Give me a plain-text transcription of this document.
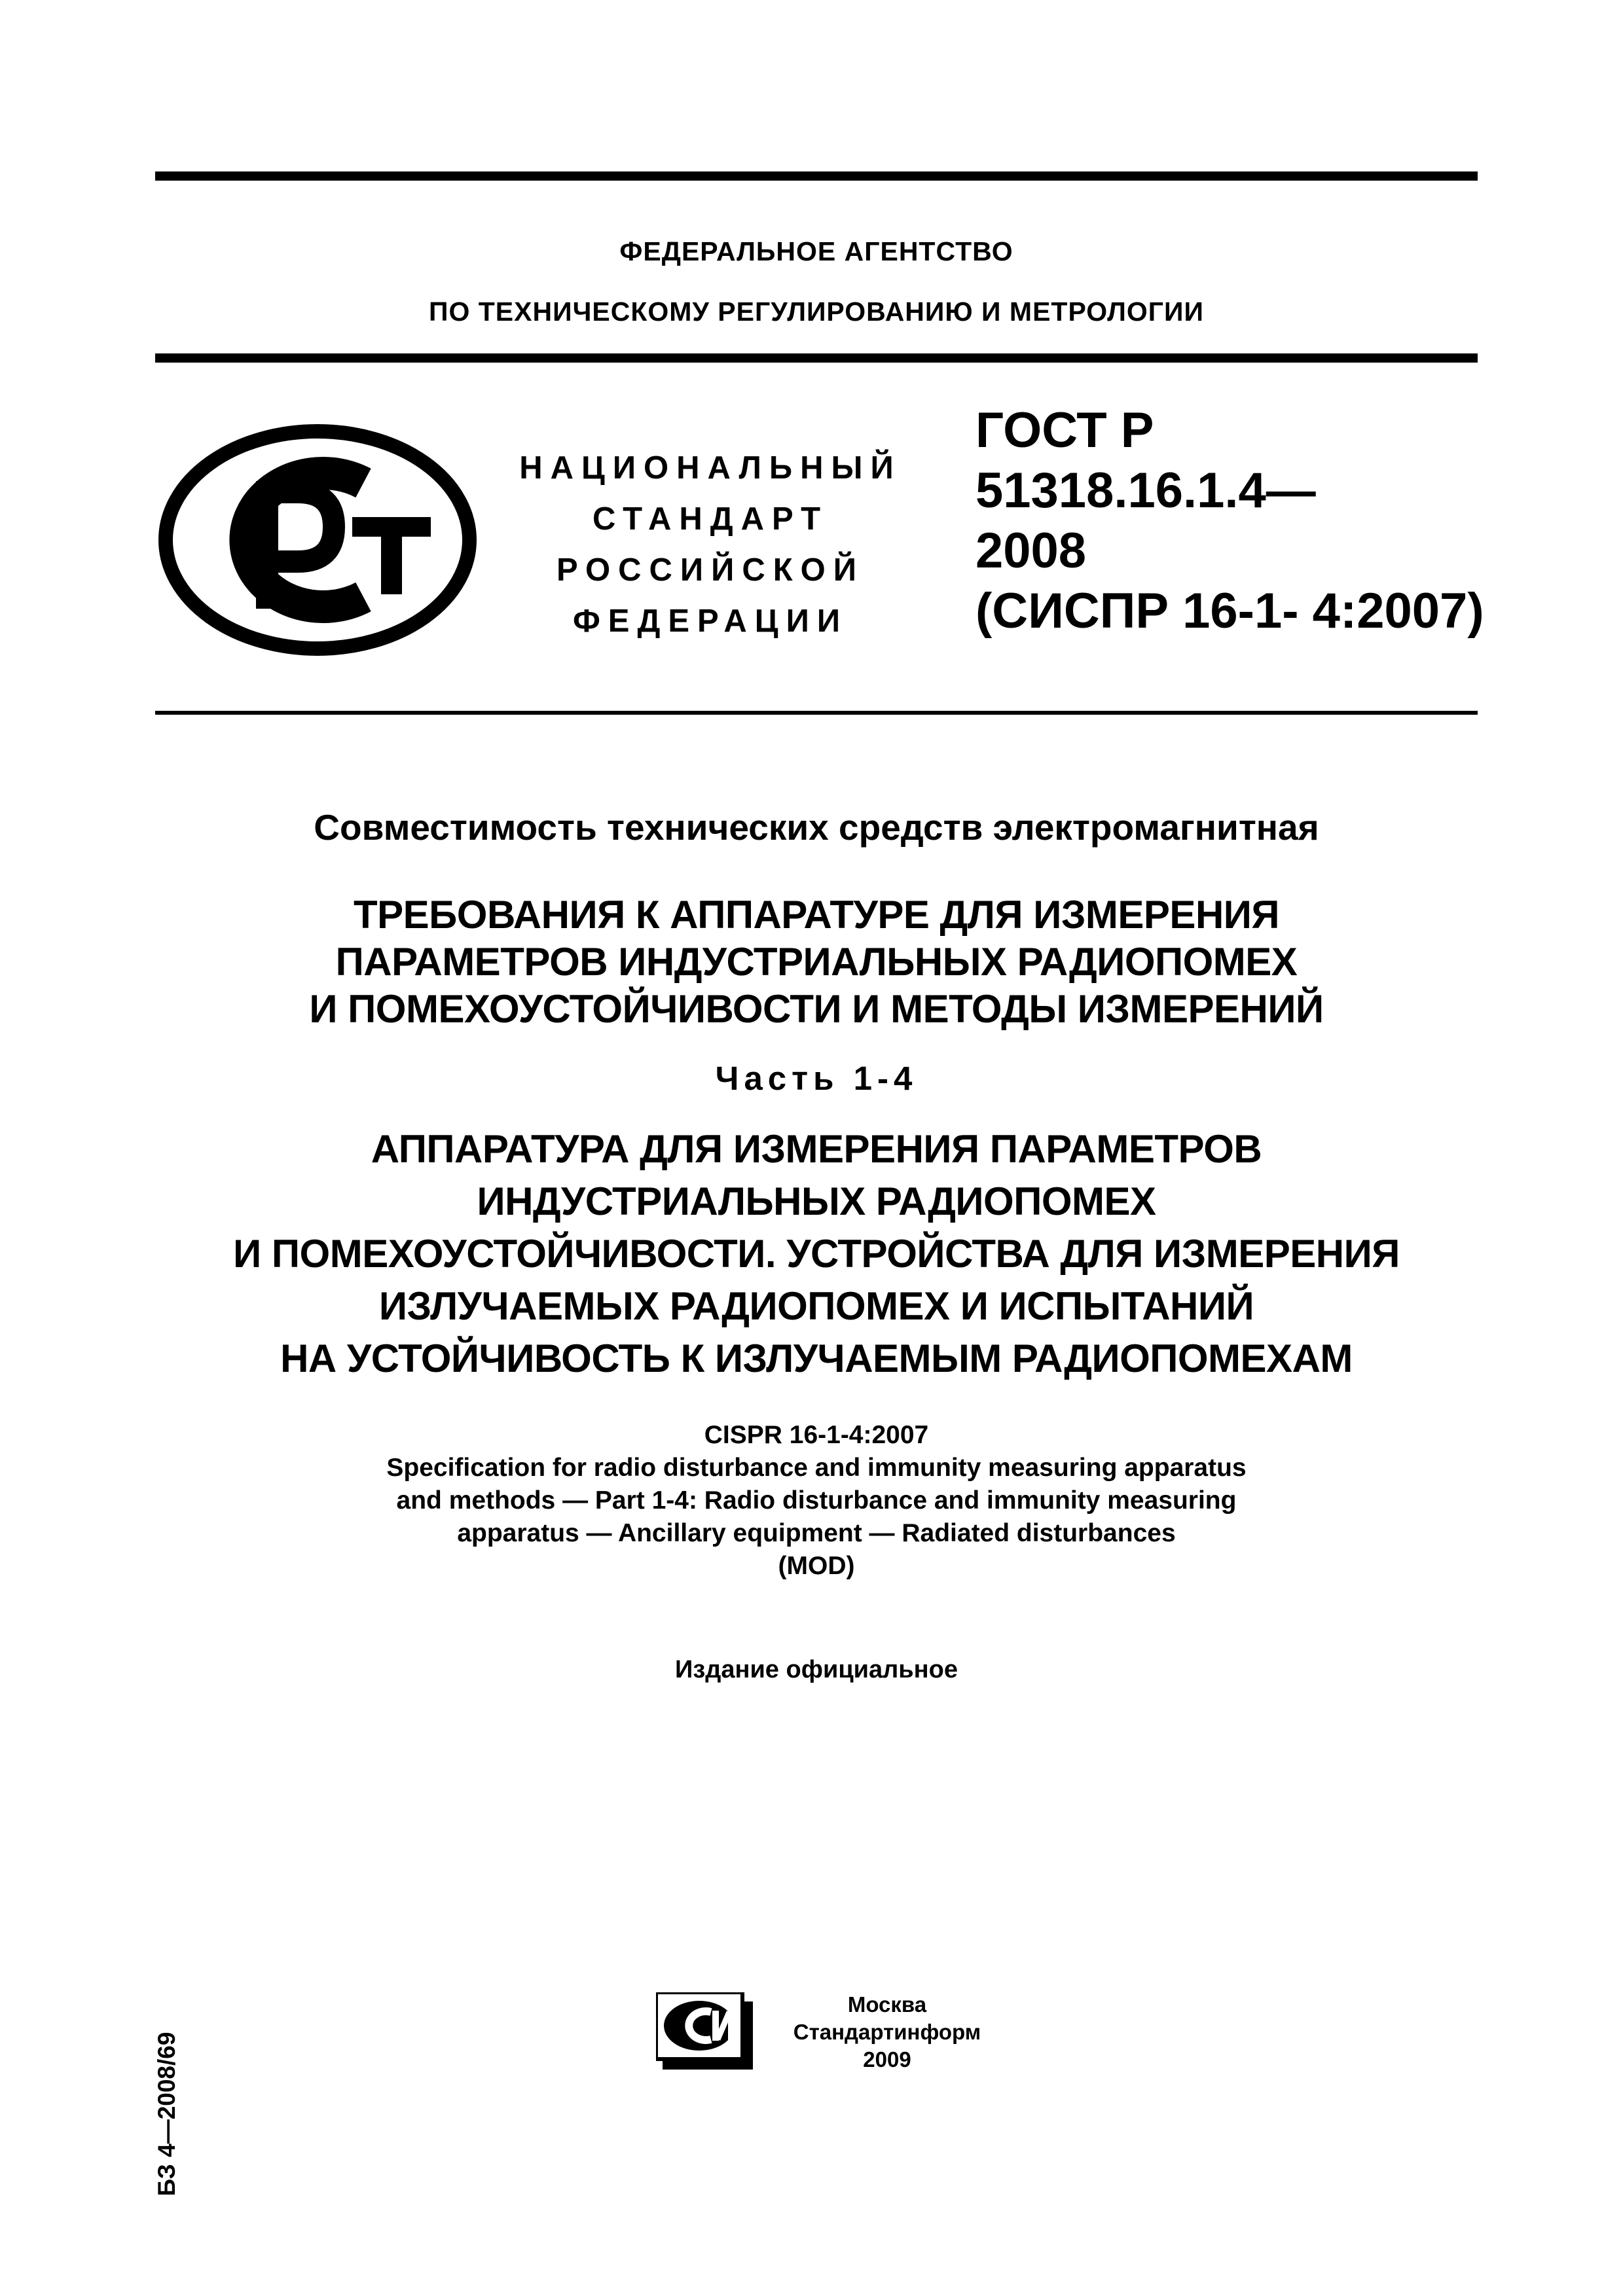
ФЕДЕРАЛЬНОЕ АГЕНТСТВО
ПО ТЕХНИЧЕСКОМУ РЕГУЛИРОВАНИЮ И МЕТРОЛОГИИ
НАЦИОНАЛЬНЫЙ
СТАНДАРТ
РОССИЙСКОЙ
ФЕДЕРАЦИИ
ГОСТ Р
51318.16.1.4—
2008
(СИСПР 16-1- 4:2007)
Совместимость технических средств электромагнитная
ТРЕБОВАНИЯ К АППАРАТУРЕ ДЛЯ ИЗМЕРЕНИЯ
ПАРАМЕТРОВ ИНДУСТРИАЛЬНЫХ РАДИОПОМЕХ
И ПОМЕХОУСТОЙЧИВОСТИ И МЕТОДЫ ИЗМЕРЕНИЙ
Часть 1-4
АППАРАТУРА ДЛЯ ИЗМЕРЕНИЯ ПАРАМЕТРОВ
ИНДУСТРИАЛЬНЫХ РАДИОПОМЕХ
И ПОМЕХОУСТОЙЧИВОСТИ. УСТРОЙСТВА ДЛЯ ИЗМЕРЕНИЯ
ИЗЛУЧАЕМЫХ РАДИОПОМЕХ И ИСПЫТАНИЙ
НА УСТОЙЧИВОСТЬ К ИЗЛУЧАЕМЫМ РАДИОПОМЕХАМ
CISPR 16-1-4:2007
Specification for radio disturbance and immunity measuring apparatus
and methods — Part 1-4: Radio disturbance and immunity measuring
apparatus — Ancillary equipment — Radiated disturbances
(MOD)
Издание официальное
БЗ 4—2008/69
Москва
Стандартинформ
2009
